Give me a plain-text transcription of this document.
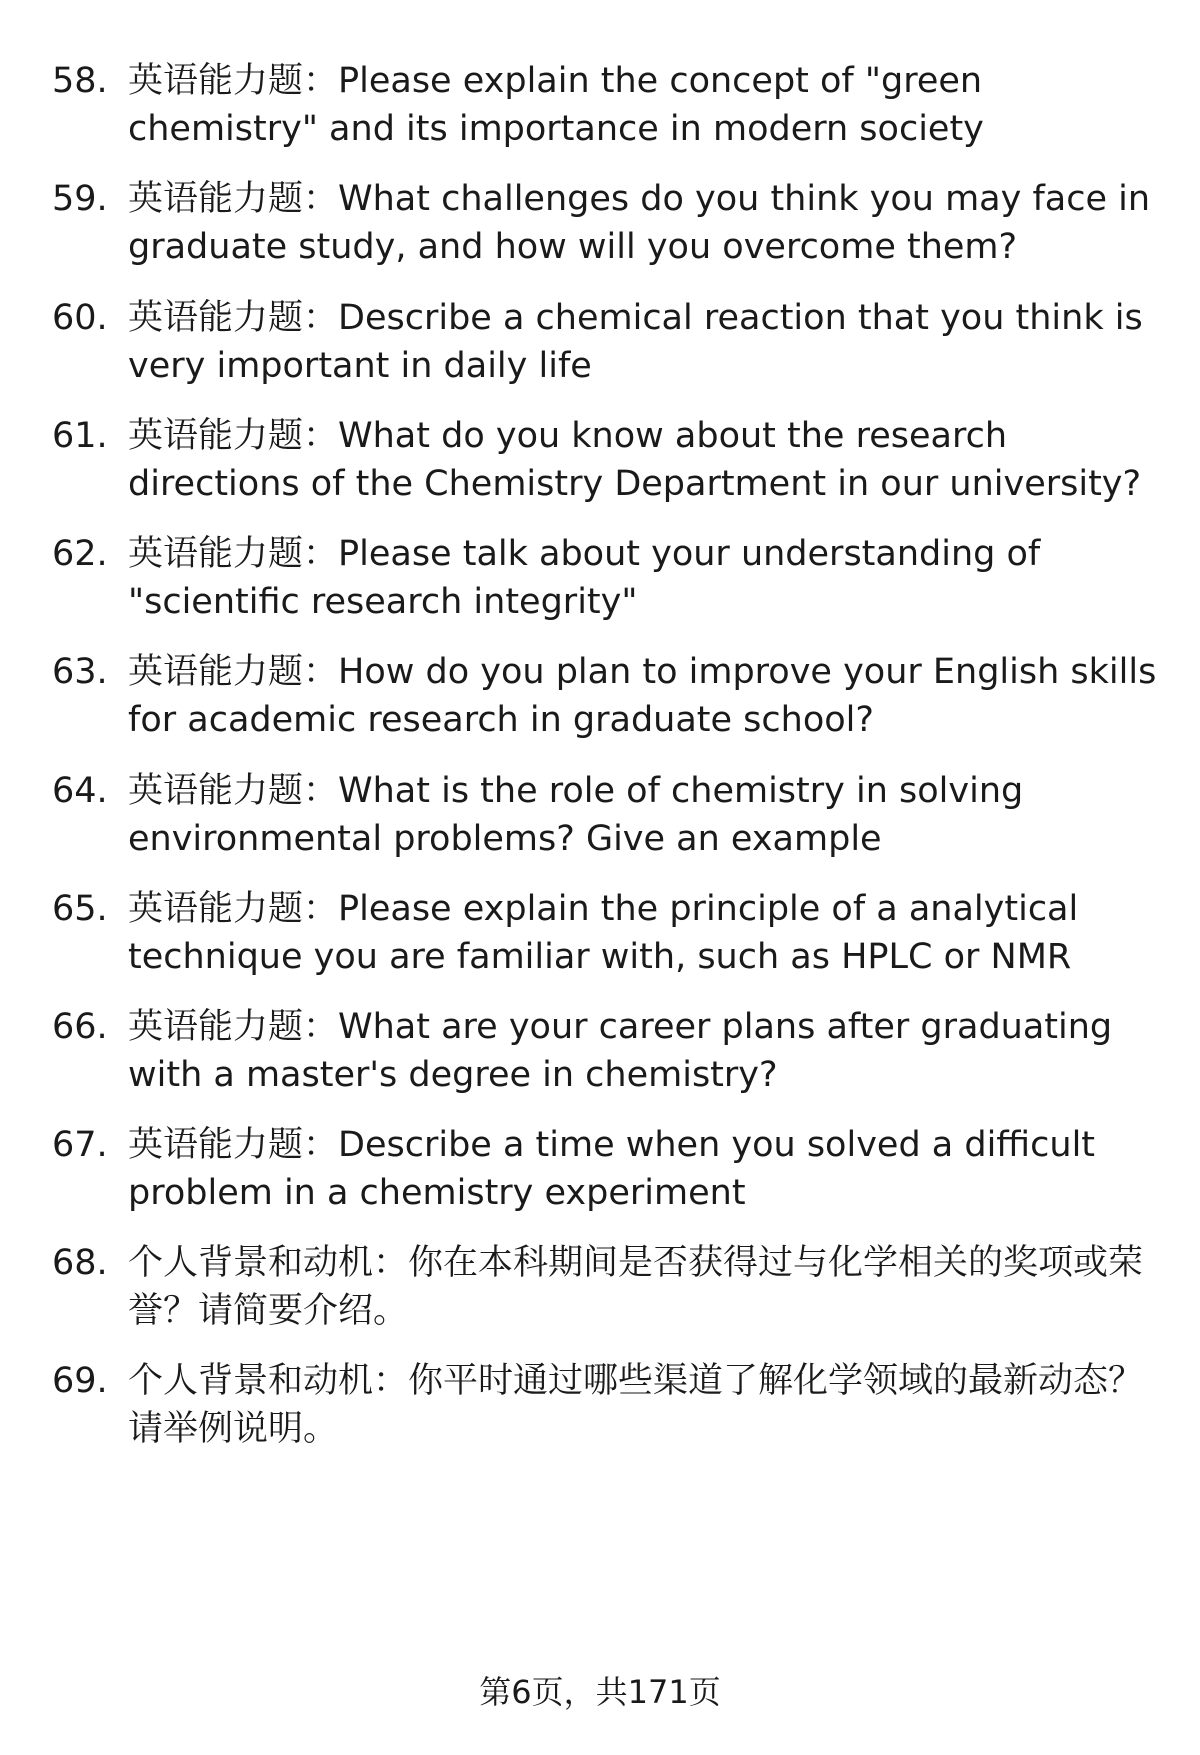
58. 英语能力题：Please explain the concept of "green chemistry" and its importance in modern society
59. 英语能力题：What challenges do you think you may face in graduate study, and how will you overcome them?
60. 英语能力题：Describe a chemical reaction that you think is very important in daily life
61. 英语能力题：What do you know about the research directions of the Chemistry Department in our university?
62. 英语能力题：Please talk about your understanding of "scientific research integrity"
63. 英语能力题：How do you plan to improve your English skills for academic research in graduate school?
64. 英语能力题：What is the role of chemistry in solving environmental problems? Give an example
65. 英语能力题：Please explain the principle of a analytical technique you are familiar with, such as HPLC or NMR
66. 英语能力题：What are your career plans after graduating with a master's degree in chemistry?
67. 英语能力题：Describe a time when you solved a difficult problem in a chemistry experiment
68. 个人背景和动机：你在本科期间是否获得过与化学相关的奖项或荣誉？请简要介绍。
69. 个人背景和动机：你平时通过哪些渠道了解化学领域的最新动态？请举例说明。
第6页，共171页
